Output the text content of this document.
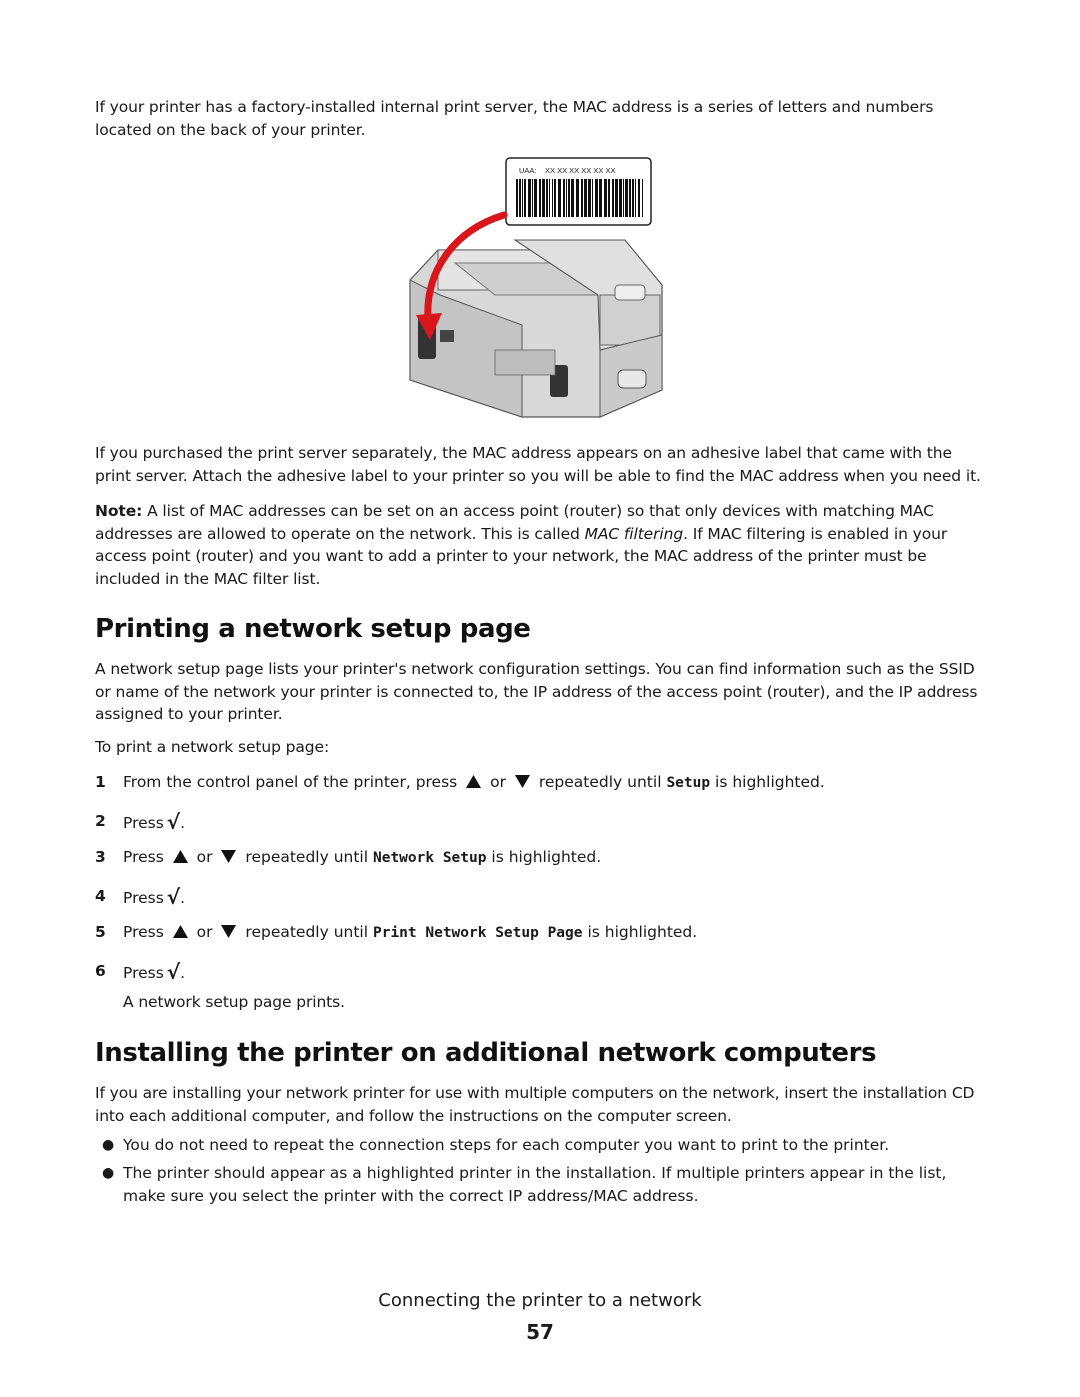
If your printer has a factory-installed internal print server, the MAC address is a series of letters and numbers located on the back of your printer.

UAA: XX XX XX XX XX XX

If you purchased the print server separately, the MAC address appears on an adhesive label that came with the print server. Attach the adhesive label to your printer so you will be able to find the MAC address when you need it.

Note: A list of MAC addresses can be set on an access point (router) so that only devices with matching MAC addresses are allowed to operate on the network. This is called MAC filtering. If MAC filtering is enabled in your access point (router) and you want to add a printer to your network, the MAC address of the printer must be included in the MAC filter list.

Printing a network setup page

A network setup page lists your printer's network configuration settings. You can find information such as the SSID or name of the network your printer is connected to, the IP address of the access point (router), and the IP address assigned to your printer.

To print a network setup page:

1	From the control panel of the printer, press or repeatedly until Setup is highlighted.
2	Press √.
3	Press or repeatedly until Network Setup is highlighted.
4	Press √.
5	Press or repeatedly until Print Network Setup Page is highlighted.
6	Press √.

A network setup page prints.

Installing the printer on additional network computers

If you are installing your network printer for use with multiple computers on the network, insert the installation CD into each additional computer, and follow the instructions on the computer screen.

● You do not need to repeat the connection steps for each computer you want to print to the printer.
● The printer should appear as a highlighted printer in the installation. If multiple printers appear in the list, make sure you select the printer with the correct IP address/MAC address.
Connecting the printer to a network
57
